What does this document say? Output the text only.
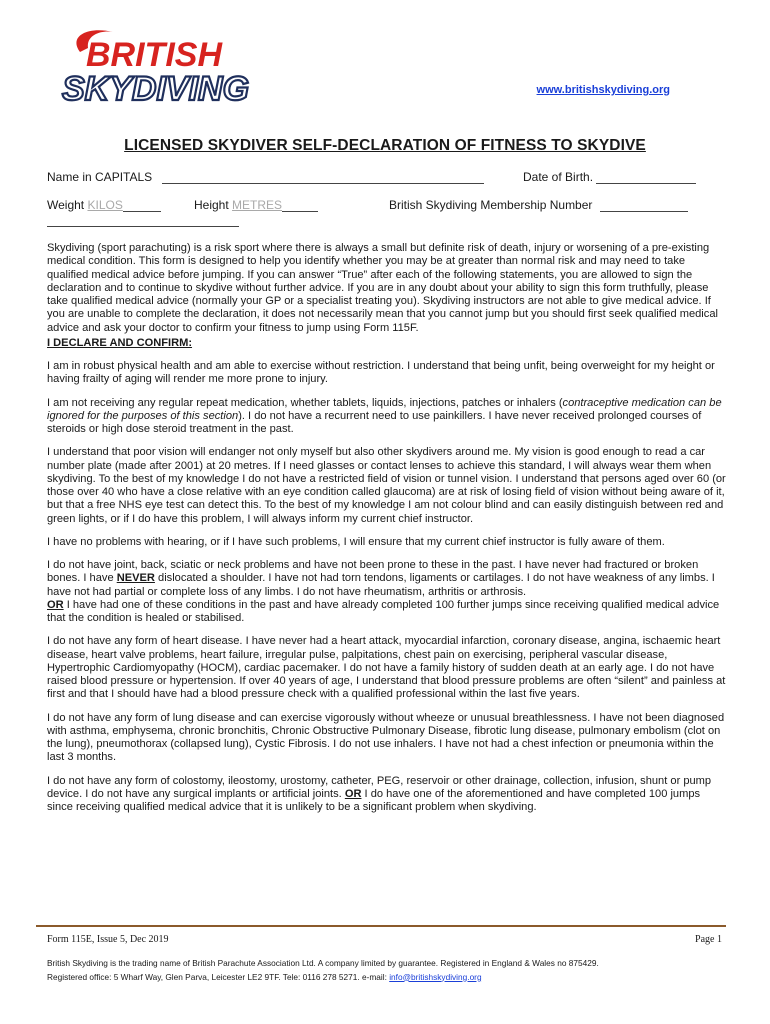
BRITISH
SKYDIVING	www.britishskydiving.org
LICENSED SKYDIVER SELF-DECLARATION OF FITNESS TO SKYDIVE
Name in CAPITALS	Date of Birth.
Weight KILOS	Height METRES	British Skydiving Membership Number

Skydiving (sport parachuting) is a risk sport where there is always a small but definite risk of death, injury or worsening of a pre-existing medical condition. This form is designed to help you identify whether you may be at greater than normal risk and may need to take qualified medical advice before jumping. If you can answer “True” after each of the following statements, you are allowed to sign the declaration and to continue to skydive without further advice. If you are in any doubt about your ability to sign this form truthfully, please take qualified medical advice (normally your GP or a specialist treating you). Skydiving instructors are not able to give medical advice. If you are unable to complete the declaration, it does not necessarily mean that you cannot jump but you should first seek qualified medical advice and ask your doctor to confirm your fitness to jump using Form 115F.

I DECLARE AND CONFIRM:

I am in robust physical health and am able to exercise without restriction. I understand that being unfit, being overweight for my height or having frailty of aging will render me more prone to injury.

I am not receiving any regular repeat medication, whether tablets, liquids, injections, patches or inhalers (contraceptive medication can be ignored for the purposes of this section). I do not have a recurrent need to use painkillers. I have never received prolonged courses of steroids or high dose steroid treatment in the past.

I understand that poor vision will endanger not only myself but also other skydivers around me. My vision is good enough to read a car number plate (made after 2001) at 20 metres. If I need glasses or contact lenses to achieve this standard, I will always wear them when skydiving. To the best of my knowledge I do not have a restricted field of vision or tunnel vision. I understand that persons aged over 60 (or those over 40 who have a close relative with an eye condition called glaucoma) are at risk of losing field of vision without being aware of it, but that a free NHS eye test can detect this. To the best of my knowledge I am not colour blind and can easily distinguish between red and green lights, or if I do have this problem, I will always inform my current chief instructor.

I have no problems with hearing, or if I have such problems, I will ensure that my current chief instructor is fully aware of them.

I do not have joint, back, sciatic or neck problems and have not been prone to these in the past. I have never had fractured or broken bones. I have NEVER dislocated a shoulder. I have not had torn tendons, ligaments or cartilages. I do not have weakness of any limbs. I have not had partial or complete loss of any limbs. I do not have rheumatism, arthritis or arthrosis.
OR I have had one of these conditions in the past and have already completed 100 further jumps since receiving qualified medical advice that the condition is healed or stabilised.

I do not have any form of heart disease. I have never had a heart attack, myocardial infarction, coronary disease, angina, ischaemic heart disease, heart valve problems, heart failure, irregular pulse, palpitations, chest pain on exercising, peripheral vascular disease, Hypertrophic Cardiomyopathy (HOCM), cardiac pacemaker. I do not have a family history of sudden death at an early age. I do not have raised blood pressure or hypertension. If over 40 years of age, I understand that blood pressure problems are often “silent” and painless at first and that I should have had a blood pressure check with a qualified professional within the last five years.

I do not have any form of lung disease and can exercise vigorously without wheeze or unusual breathlessness. I have not been diagnosed with asthma, emphysema, chronic bronchitis, Chronic Obstructive Pulmonary Disease, fibrotic lung disease, pulmonary embolism (clot on the lung), pneumothorax (collapsed lung), Cystic Fibrosis. I do not use inhalers. I have not had a chest infection or pneumonia within the last 3 months.

I do not have any form of colostomy, ileostomy, urostomy, catheter, PEG, reservoir or other drainage, collection, infusion, shunt or pump device. I do not have any surgical implants or artificial joints. OR I do have one of the aforementioned and have completed 100 jumps since receiving qualified medical advice that it is unlikely to be a significant problem when skydiving.

Form 115E, Issue 5, Dec 2019	Page 1
British Skydiving is the trading name of British Parachute Association Ltd. A company limited by guarantee. Registered in England & Wales no 875429.
Registered office: 5 Wharf Way, Glen Parva, Leicester LE2 9TF. Tele: 0116 278 5271. e-mail: info@britishskydiving.org
